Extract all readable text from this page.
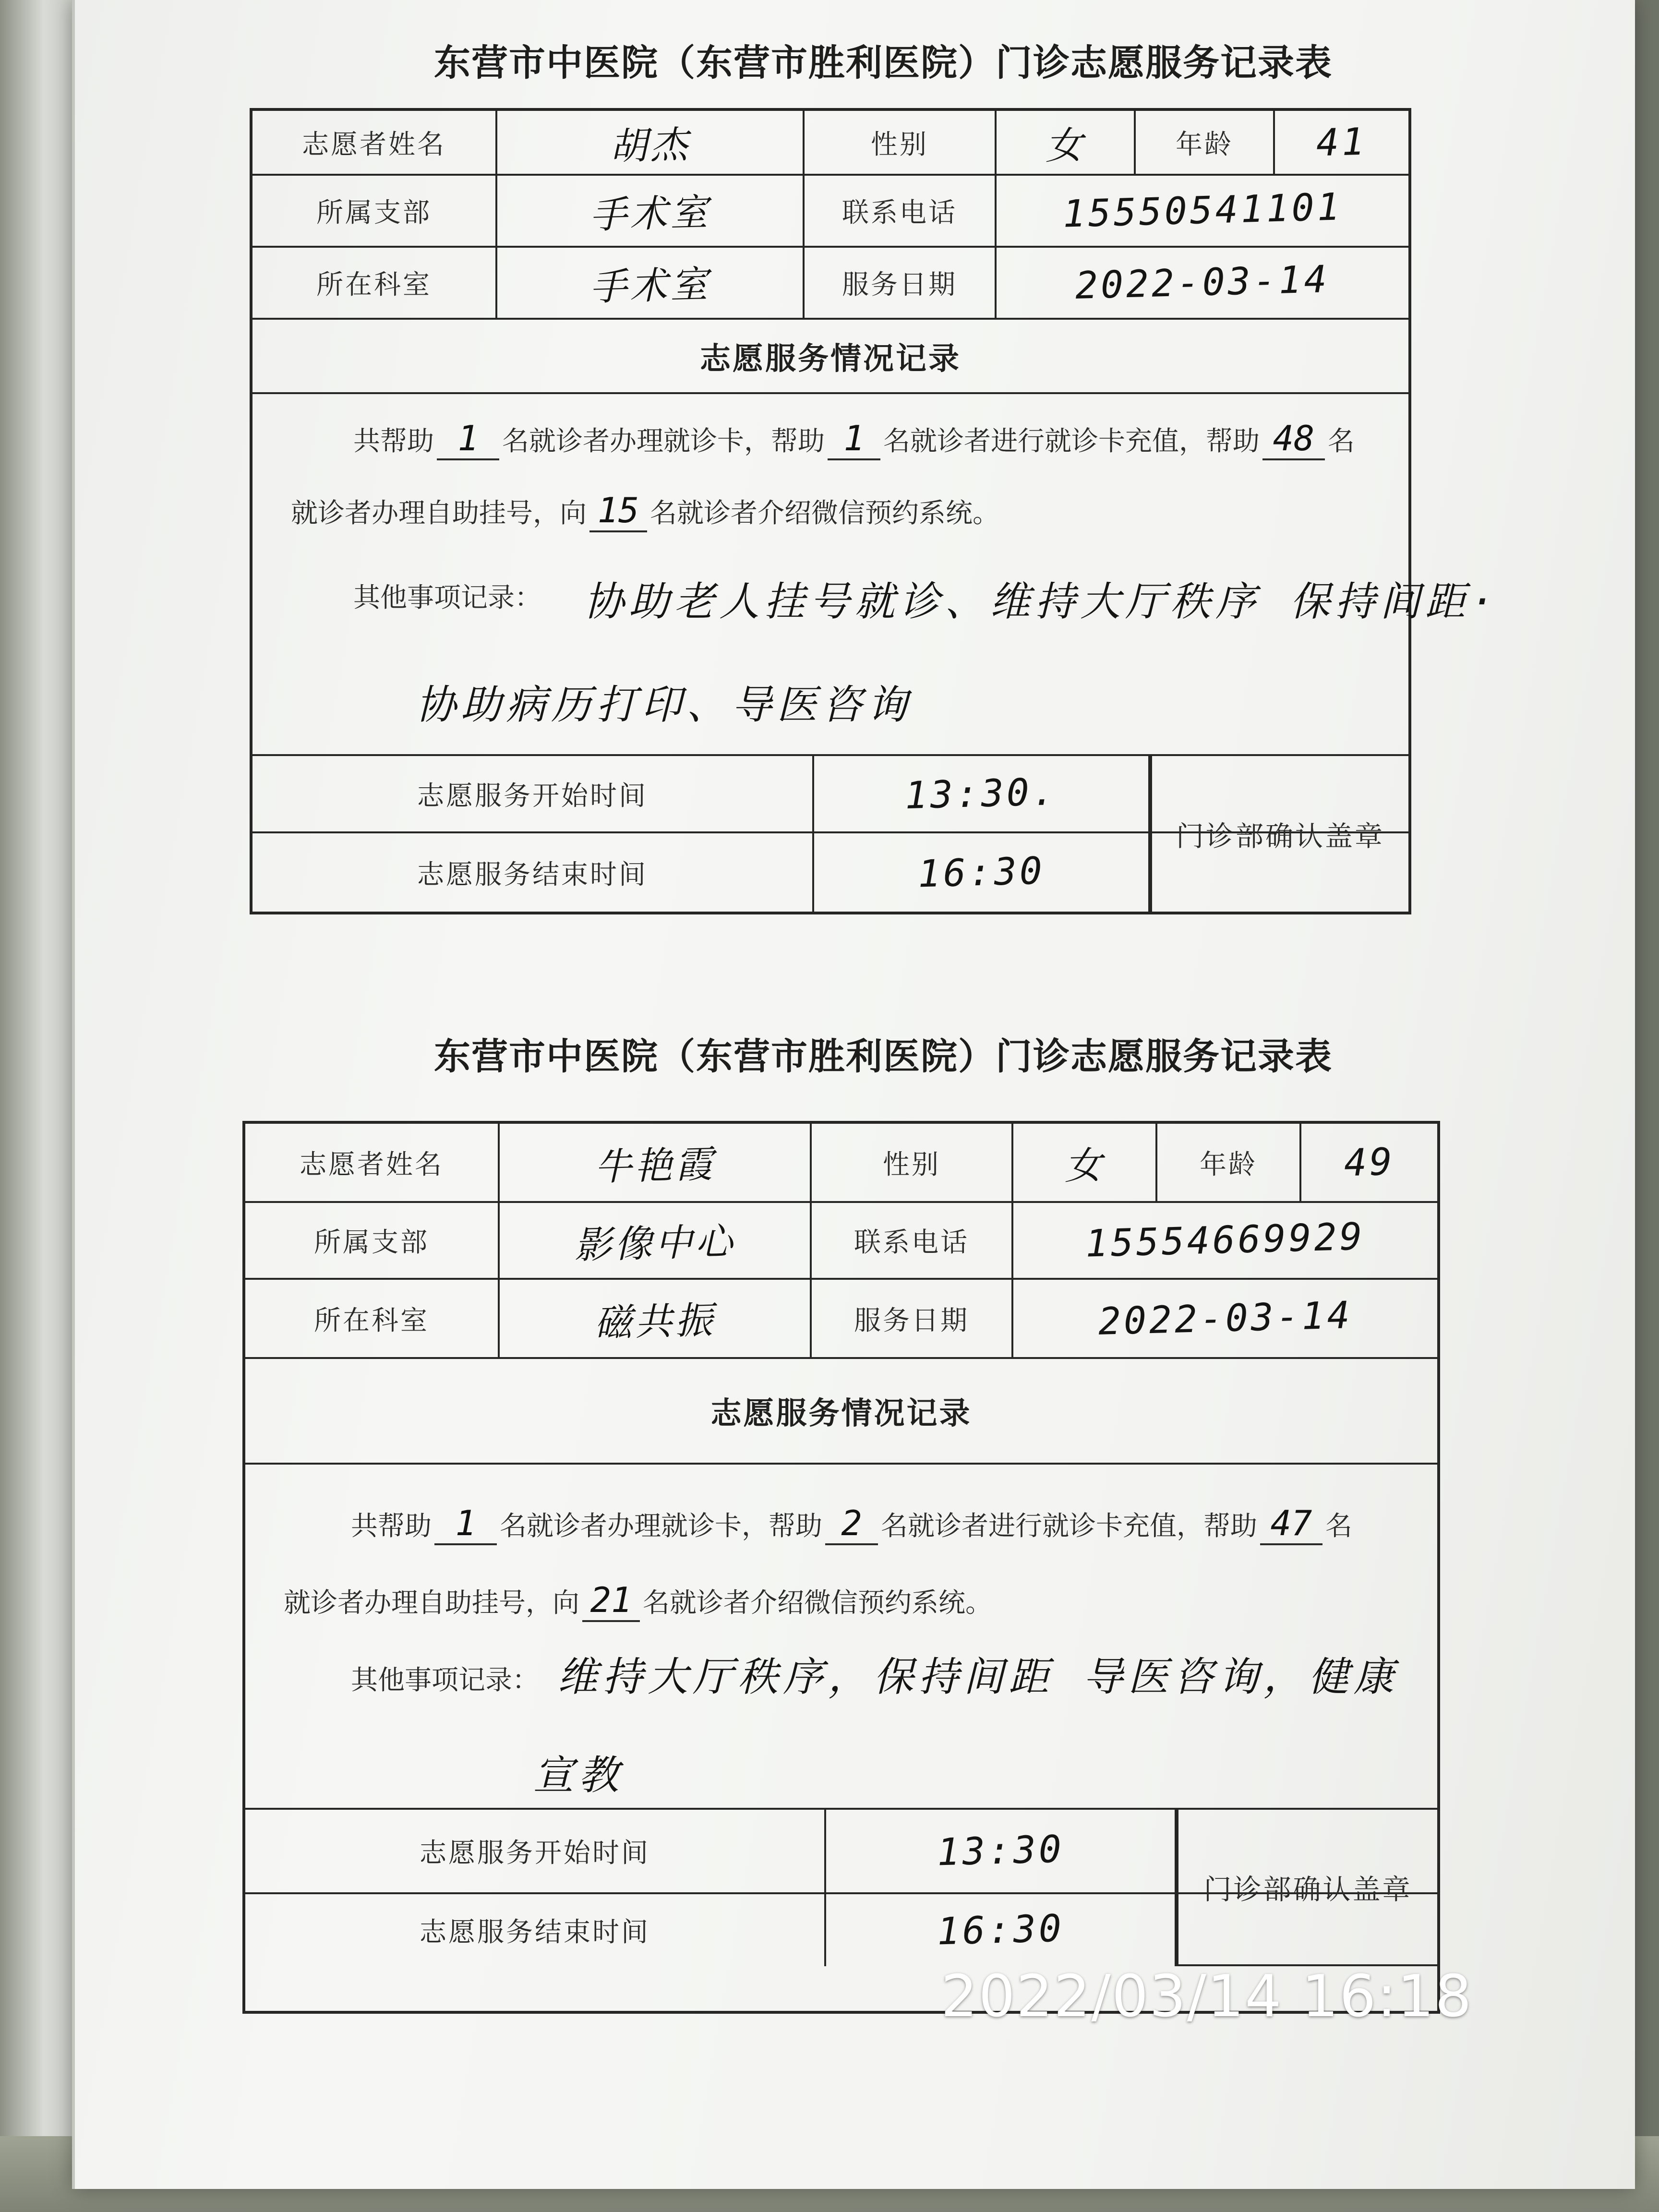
东营市中医院（东营市胜利医院）门诊志愿服务记录表
志愿者姓名	胡杰	性别	女	年龄 41
所属支部	手术室	联系电话	15550541101
所在科室	手术室	服务日期	2022-03-14
志愿服务情况记录
共帮助 1 名就诊者办理就诊卡，帮助 1 名就诊者进行就诊卡充值，帮助 48 名
就诊者办理自助挂号，向 15 名就诊者介绍微信预约系统。
其他事项记录： 协助老人挂号就诊、维持大厅秩序 保持间距·
协助病历打印、导医咨询
志愿服务开始时间	13:30.
志愿服务结束时间	16:30
门诊部确认盖章
东营市中医院（东营市胜利医院）门诊志愿服务记录表
志愿者姓名	牛艳霞	性别	女	年龄 49
所属支部	影像中心	联系电话	15554669929
所在科室	磁共振	服务日期	2022-03-14
志愿服务情况记录
共帮助 1 名就诊者办理就诊卡，帮助 2 名就诊者进行就诊卡充值，帮助 47 名
就诊者办理自助挂号，向 21 名就诊者介绍微信预约系统。
其他事项记录： 维持大厅秩序，保持间距 导医咨询，健康
宣教
志愿服务开始时间	13:30
志愿服务结束时间	16:30
门诊部确认盖章
2022/03/14 16:18
